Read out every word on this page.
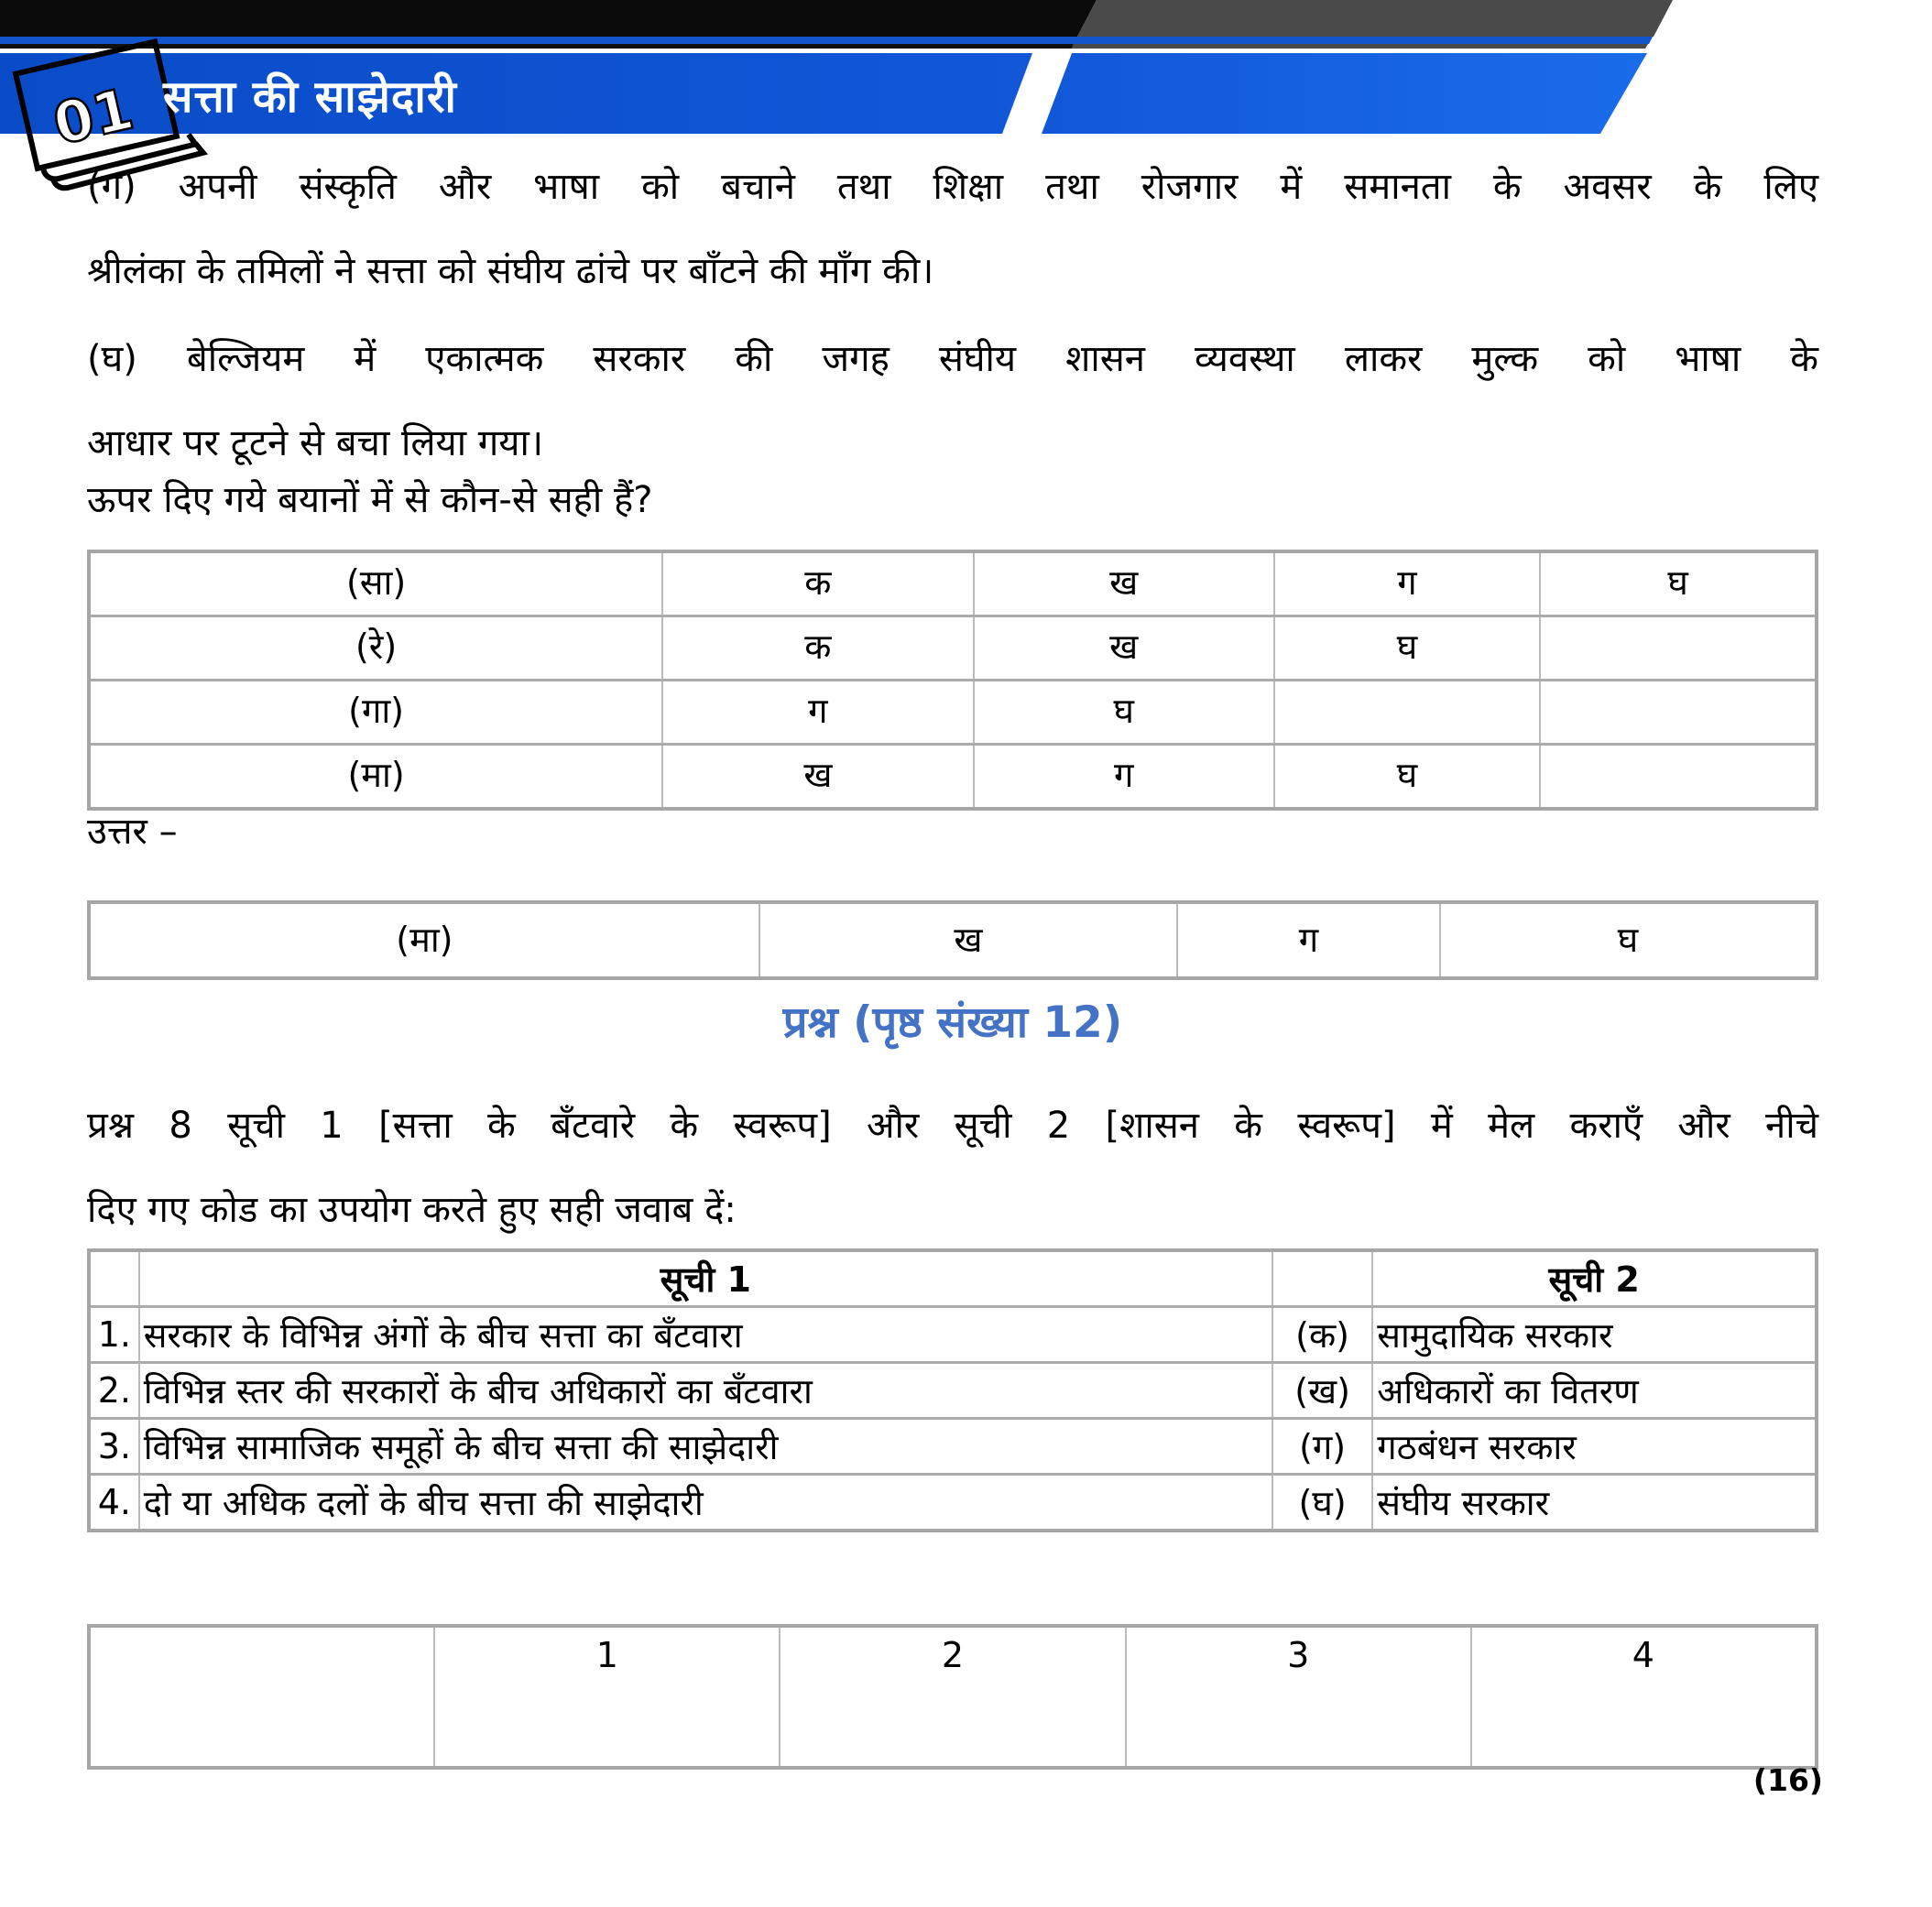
01 सत्ता की साझेदारी
(ग) अपनी संस्कृति और भाषा को बचाने तथा शिक्षा तथा रोजगार में समानता के अवसर के लिए
श्रीलंका के तमिलों ने सत्ता को संघीय ढांचे पर बाँटने की माँग की।
(घ) बेल्जियम में एकात्मक सरकार की जगह संघीय शासन व्यवस्था लाकर मुल्क को भाषा के
आधार पर टूटने से बचा लिया गया।
ऊपर दिए गये बयानों में से कौन-से सही हैं?
(सा)	क	ख	ग	घ
(रे)	क	ख	घ	
(गा)	ग	घ		
(मा)	ख	ग	घ	
उत्तर –
(मा)	ख	ग	घ
प्रश्न (पृष्ठ संख्या 12)
प्रश्न 8 सूची 1 [सत्ता के बँटवारे के स्वरूप] और सूची 2 [शासन के स्वरूप] में मेल कराएँ और नीचे
दिए गए कोड का उपयोग करते हुए सही जवाब दें:
	सूची 1		सूची 2
1.	सरकार के विभिन्न अंगों के बीच सत्ता का बँटवारा	(क)	सामुदायिक सरकार
2.	विभिन्न स्तर की सरकारों के बीच अधिकारों का बँटवारा	(ख)	अधिकारों का वितरण
3.	विभिन्न सामाजिक समूहों के बीच सत्ता की साझेदारी	(ग)	गठबंधन सरकार
4.	दो या अधिक दलों के बीच सत्ता की साझेदारी	(घ)	संघीय सरकार
	1	2	3	4
(16)
